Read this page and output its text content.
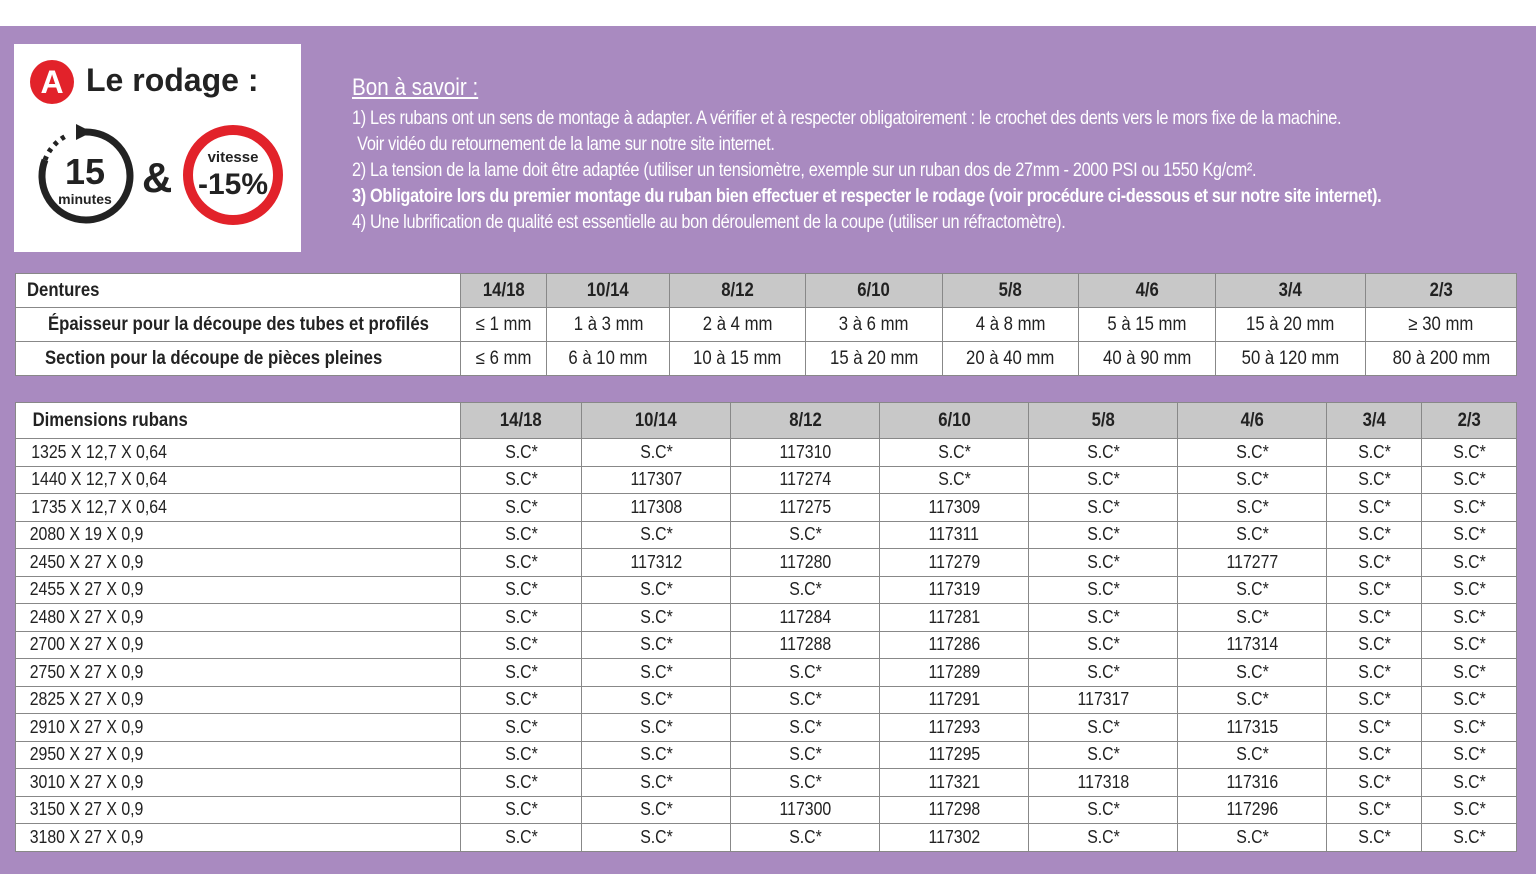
A Le rodage :
15
minutes & vitesse
-15%
Bon à savoir :
1) Les rubans ont un sens de montage à adapter. A vérifier et à respecter obligatoirement : le crochet des dents vers le mors fixe de la machine.
Voir vidéo du retournement de la lame sur notre site internet.
2) La tension de la lame doit être adaptée (utiliser un tensiomètre, exemple sur un ruban dos de 27mm - 2000 PSI ou 1550 Kg/cm².
3) Obligatoire lors du premier montage du ruban bien effectuer et respecter le rodage (voir procédure ci-dessous et sur notre site internet).
4) Une lubrification de qualité est essentielle au bon déroulement de la coupe (utiliser un réfractomètre).
Dentures	14/18	10/14	8/12	6/10	5/8	4/6	3/4	2/3
Épaisseur pour la découpe des tubes et profilés	≤ 1 mm	1 à 3 mm	2 à 4 mm	3 à 6 mm	4 à 8 mm	5 à 15 mm	15 à 20 mm	≥ 30 mm
Section pour la découpe de pièces pleines	≤ 6 mm	6 à 10 mm	10 à 15 mm	15 à 20 mm	20 à 40 mm	40 à 90 mm	50 à 120 mm	80 à 200 mm
Dimensions rubans	14/18	10/14	8/12	6/10	5/8	4/6	3/4	2/3
1325 X 12,7 X 0,64	S.C*	S.C*	117310	S.C*	S.C*	S.C*	S.C*	S.C*
1440 X 12,7 X 0,64	S.C*	117307	117274	S.C*	S.C*	S.C*	S.C*	S.C*
1735 X 12,7 X 0,64	S.C*	117308	117275	117309	S.C*	S.C*	S.C*	S.C*
2080 X 19 X 0,9	S.C*	S.C*	S.C*	117311	S.C*	S.C*	S.C*	S.C*
2450 X 27 X 0,9	S.C*	117312	117280	117279	S.C*	117277	S.C*	S.C*
2455 X 27 X 0,9	S.C*	S.C*	S.C*	117319	S.C*	S.C*	S.C*	S.C*
2480 X 27 X 0,9	S.C*	S.C*	117284	117281	S.C*	S.C*	S.C*	S.C*
2700 X 27 X 0,9	S.C*	S.C*	117288	117286	S.C*	117314	S.C*	S.C*
2750 X 27 X 0,9	S.C*	S.C*	S.C*	117289	S.C*	S.C*	S.C*	S.C*
2825 X 27 X 0,9	S.C*	S.C*	S.C*	117291	117317	S.C*	S.C*	S.C*
2910 X 27 X 0,9	S.C*	S.C*	S.C*	117293	S.C*	117315	S.C*	S.C*
2950 X 27 X 0,9	S.C*	S.C*	S.C*	117295	S.C*	S.C*	S.C*	S.C*
3010 X 27 X 0,9	S.C*	S.C*	S.C*	117321	117318	117316	S.C*	S.C*
3150 X 27 X 0,9	S.C*	S.C*	117300	117298	S.C*	117296	S.C*	S.C*
3180 X 27 X 0,9	S.C*	S.C*	S.C*	117302	S.C*	S.C*	S.C*	S.C*
